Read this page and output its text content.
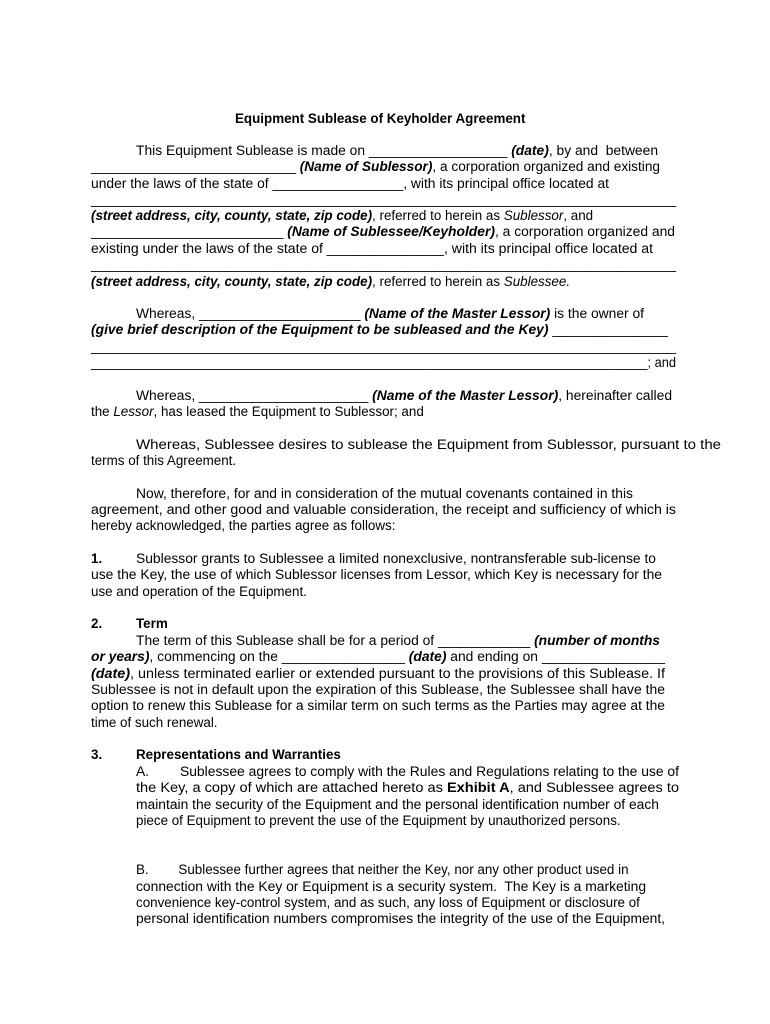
Equipment Sublease of Keyholder Agreement
This Equipment Sublease is made on __________________ (date), by and  between
___________________________ (Name of Sublessor), a corporation organized and existing
under the laws of the state of _________________, with its principal office located at
_______________________________________________________________________________
(street address, city, county, state, zip code), referred to herein as Sublessor, and
_________________________ (Name of Sublessee/Keyholder), a corporation organized and
existing under the laws of the state of _______________, with its principal office located at
_______________________________________________________________________________
(street address, city, county, state, zip code), referred to herein as Sublessee.
Whereas, _____________________ (Name of the Master Lessor) is the owner of
(give brief description of the Equipment to be subleased and the Key) _______________
_______________________________________________________________________________
______________________________________________________________________________; and
Whereas, ______________________ (Name of the Master Lessor), hereinafter called
the Lessor, has leased the Equipment to Sublessor; and
Whereas, Sublessee desires to sublease the Equipment from Sublessor, pursuant to the
terms of this Agreement.
Now, therefore, for and in consideration of the mutual covenants contained in this
agreement, and other good and valuable consideration, the receipt and sufficiency of which is
hereby acknowledged, the parties agree as follows:
1.	Sublessor grants to Sublessee a limited nonexclusive, nontransferable sub-license to
use the Key, the use of which Sublessor licenses from Lessor, which Key is necessary for the
use and operation of the Equipment.
2.	Term
The term of this Sublease shall be for a period of ____________ (number of months
or years), commencing on the ________________ (date) and ending on ________________
(date), unless terminated earlier or extended pursuant to the provisions of this Sublease. If
Sublessee is not in default upon the expiration of this Sublease, the Sublessee shall have the
option to renew this Sublease for a similar term on such terms as the Parties may agree at the
time of such renewal.
3.	Representations and Warranties
A.        Sublessee agrees to comply with the Rules and Regulations relating to the use of
the Key, a copy of which are attached hereto as Exhibit A, and Sublessee agrees to
maintain the security of the Equipment and the personal identification number of each
piece of Equipment to prevent the use of the Equipment by unauthorized persons.
B.        Sublessee further agrees that neither the Key, nor any other product used in
connection with the Key or Equipment is a security system.  The Key is a marketing
convenience key-control system, and as such, any loss of Equipment or disclosure of
personal identification numbers compromises the integrity of the use of the Equipment,
